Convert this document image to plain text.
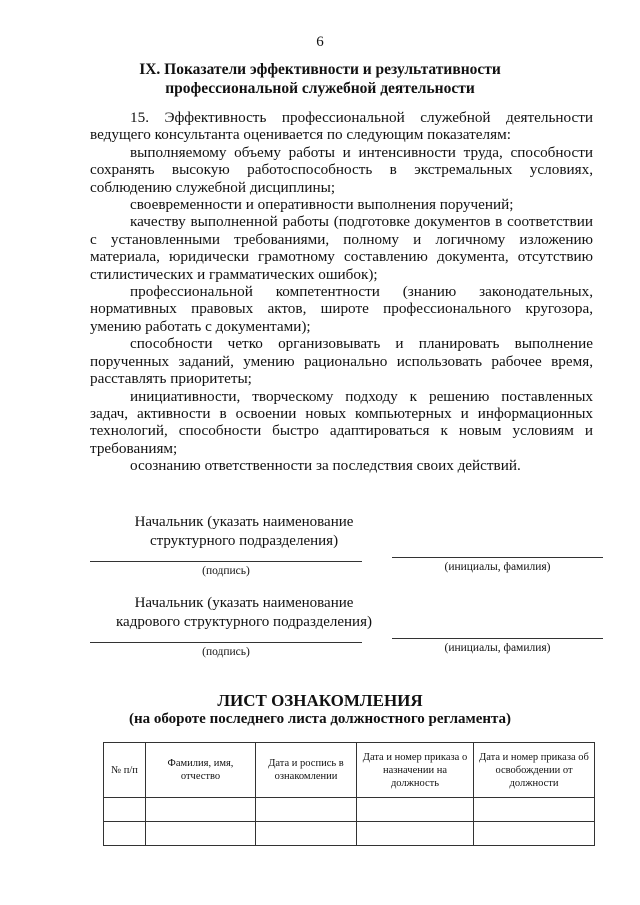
6
IX. Показатели эффективности и результативности
профессиональной служебной деятельности

15. Эффективность профессиональной служебной деятельности ведущего консультанта оценивается по следующим показателям:

выполняемому объему работы и интенсивности труда, способности сохранять высокую работоспособность в экстремальных условиях, соблюдению служебной дисциплины;

своевременности и оперативности выполнения поручений;

качеству выполненной работы (подготовке документов в соответствии с установленными требованиями, полному и логичному изложению материала, юридически грамотному составлению документа, отсутствию стилистических и грамматических ошибок);

профессиональной компетентности (знанию законодательных, нормативных правовых актов, широте профессионального кругозора, умению работать с документами);

способности четко организовывать и планировать выполнение порученных заданий, умению рационально использовать рабочее время, расставлять приоритеты;

инициативности, творческому подходу к решению поставленных задач, активности в освоении новых компьютерных и информационных технологий, способности быстро адаптироваться к новым условиям и требованиям;

осознанию ответственности за последствия своих действий.

Начальник (указать наименование
структурного подразделения)
(подпись)	(инициалы, фамилия)
Начальник (указать наименование
кадрового структурного подразделения)
(подпись)	(инициалы, фамилия)
ЛИСТ ОЗНАКОМЛЕНИЯ
(на обороте последнего листа должностного регламента)
№ п/п	Фамилия, имя, отчество	Дата и роспись в ознакомлении	Дата и номер приказа о назначении на должность	Дата и номер приказа об освобождении от должности
